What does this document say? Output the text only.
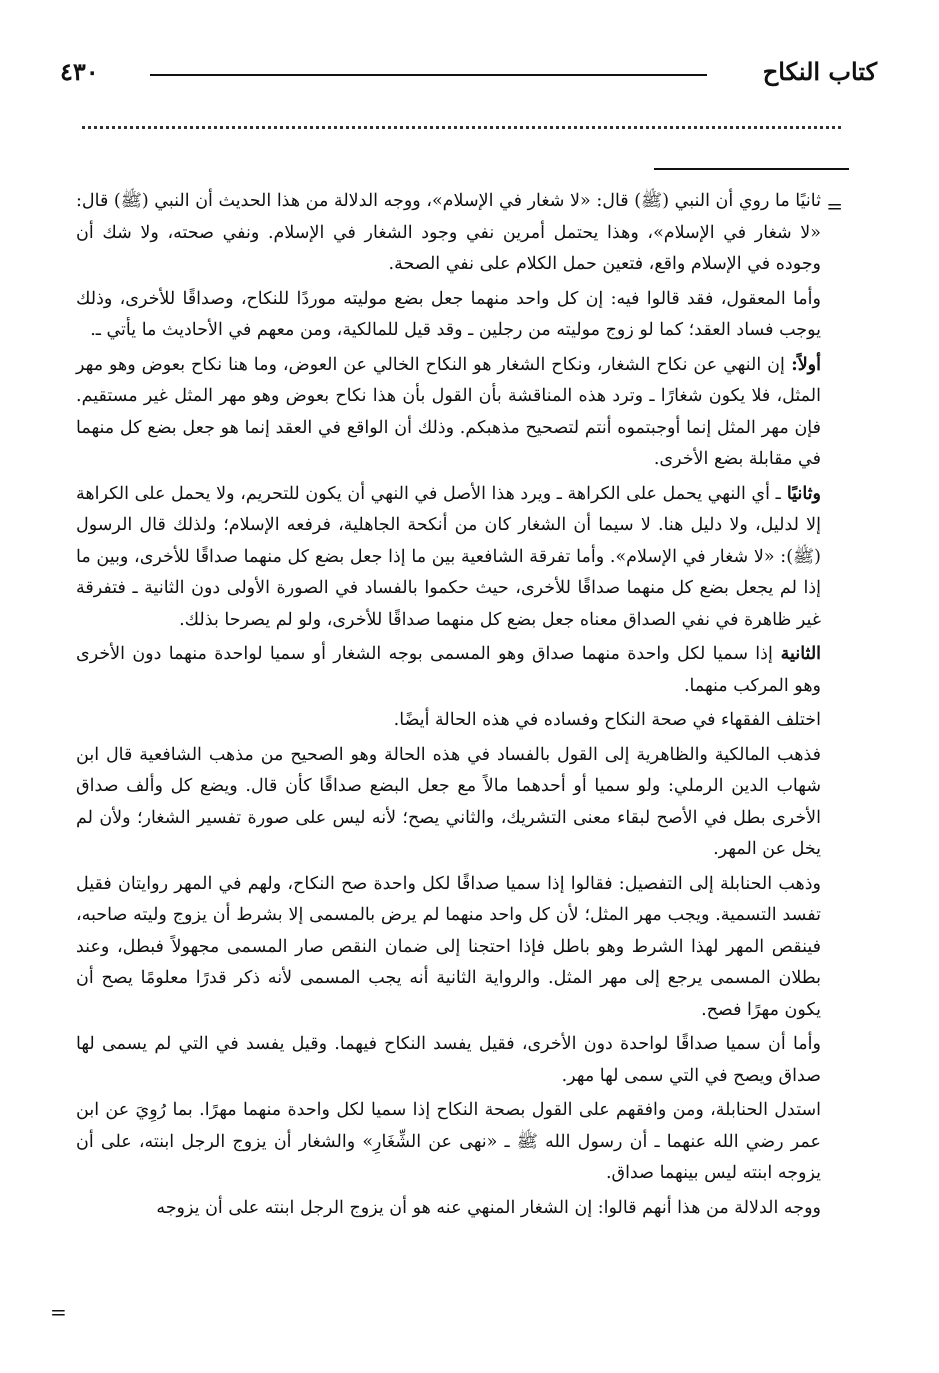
كتاب النكاح
٤٣٠
=

ثانيًا ما روي أن النبي (ﷺ) قال: «لا شغار في الإسلام»، ووجه الدلالة من هذا الحديث أن النبي (ﷺ) قال: «لا شغار في الإسلام»، وهذا يحتمل أمرين نفي وجود الشغار في الإسلام. ونفي صحته، ولا شك أن وجوده في الإسلام واقع، فتعين حمل الكلام على نفي الصحة.

وأما المعقول، فقد قالوا فيه: إن كل واحد منهما جعل بضع موليته موردًا للنكاح، وصداقًا للأخرى، وذلك يوجب فساد العقد؛ كما لو زوج موليته من رجلين ـ وقد قيل للمالكية، ومن معهم في الأحاديث ما يأتي ـ.

أولاً: إن النهي عن نكاح الشغار، ونكاح الشغار هو النكاح الخالي عن العوض، وما هنا نكاح بعوض وهو مهر المثل، فلا يكون شغارًا ـ وترد هذه المناقشة بأن القول بأن هذا نكاح بعوض وهو مهر المثل غير مستقيم. فإن مهر المثل إنما أوجبتموه أنتم لتصحيح مذهبكم. وذلك أن الواقع في العقد إنما هو جعل بضع كل منهما في مقابلة بضع الأخرى.

وثانيًا ـ أي النهي يحمل على الكراهة ـ ويرد هذا الأصل في النهي أن يكون للتحريم، ولا يحمل على الكراهة إلا لدليل، ولا دليل هنا. لا سيما أن الشغار كان من أنكحة الجاهلية، فرفعه الإسلام؛ ولذلك قال الرسول (ﷺ): «لا شغار في الإسلام». وأما تفرقة الشافعية بين ما إذا جعل بضع كل منهما صداقًا للأخرى، وبين ما إذا لم يجعل بضع كل منهما صداقًا للأخرى، حيث حكموا بالفساد في الصورة الأولى دون الثانية ـ فتفرقة غير ظاهرة في نفي الصداق معناه جعل بضع كل منهما صداقًا للأخرى، ولو لم يصرحا بذلك.

الثانية إذا سميا لكل واحدة منهما صداق وهو المسمى بوجه الشغار أو سميا لواحدة منهما دون الأخرى وهو المركب منهما.

اختلف الفقهاء في صحة النكاح وفساده في هذه الحالة أيضًا.

فذهب المالكية والظاهرية إلى القول بالفساد في هذه الحالة وهو الصحيح من مذهب الشافعية قال ابن شهاب الدين الرملي: ولو سميا أو أحدهما مالاً مع جعل البضع صداقًا كأن قال. ويضع كل وألف صداق الأخرى بطل في الأصح لبقاء معنى التشريك، والثاني يصح؛ لأنه ليس على صورة تفسير الشغار؛ ولأن لم يخل عن المهر.

وذهب الحنابلة إلى التفصيل: فقالوا إذا سميا صداقًا لكل واحدة صح النكاح، ولهم في المهر روايتان فقيل تفسد التسمية. ويجب مهر المثل؛ لأن كل واحد منهما لم يرض بالمسمى إلا بشرط أن يزوج وليته صاحبه، فينقص المهر لهذا الشرط وهو باطل فإذا احتجنا إلى ضمان النقص صار المسمى مجهولاً فبطل، وعند بطلان المسمى يرجع إلى مهر المثل. والرواية الثانية أنه يجب المسمى لأنه ذكر قدرًا معلومًا يصح أن يكون مهرًا فصح.

وأما أن سميا صداقًا لواحدة دون الأخرى، فقيل يفسد النكاح فيهما. وقيل يفسد في التي لم يسمى لها صداق ويصح في التي سمى لها مهر.

استدل الحنابلة، ومن وافقهم على القول بصحة النكاح إذا سميا لكل واحدة منهما مهرًا. بما رُوِيَ عن ابن عمر رضي الله عنهما ـ أن رسول الله ﷺ ـ «نهى عن الشِّغَارِ» والشغار أن يزوج الرجل ابنته، على أن يزوجه ابنته ليس بينهما صداق.

ووجه الدلالة من هذا أنهم قالوا: إن الشغار المنهي عنه هو أن يزوج الرجل ابنته على أن يزوجه

=
